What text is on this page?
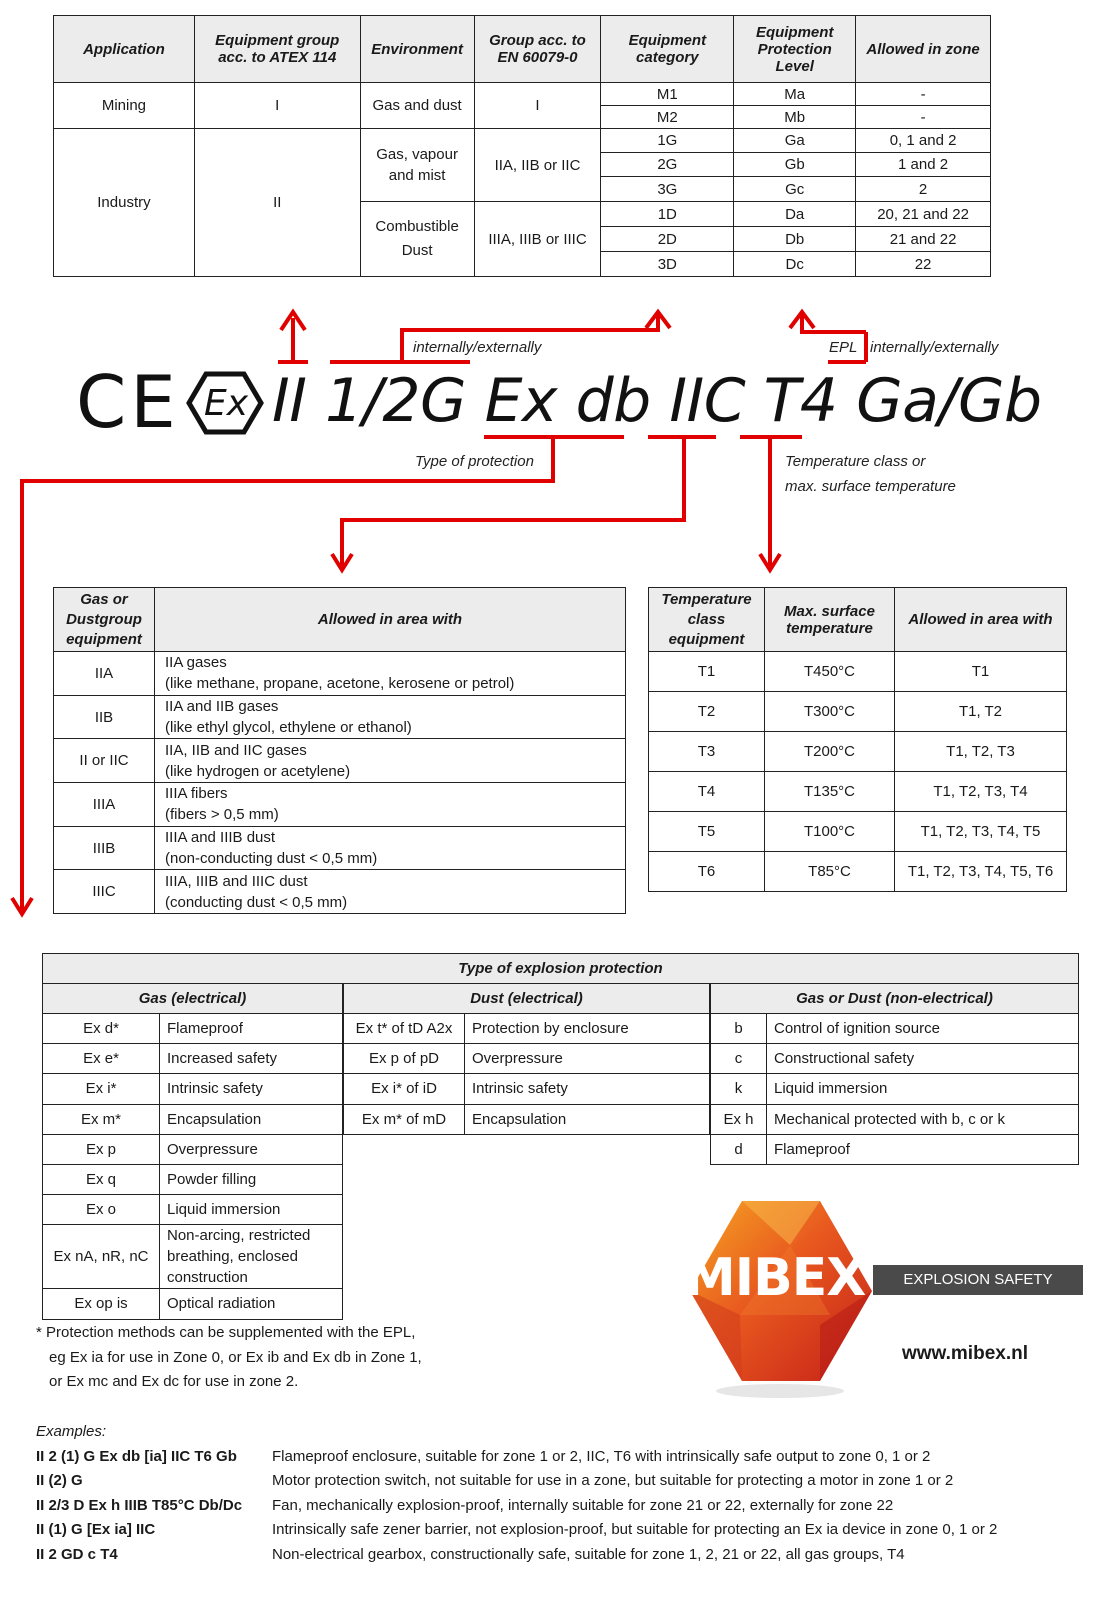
Application	Equipment group acc. to ATEX 114	Environment	Group acc. to EN 60079-0	Equipment category	Equipment Protection Level	Allowed in zone
Mining	I	Gas and dust	I	M1	Ma	-
				M2	Mb	-
Industry	II	Gas, vapour and mist	IIA, IIB or IIC	1G	Ga	0, 1 and 2
				2G	Gb	1 and 2
				3G	Gc	2
		Combustible Dust	IIIA, IIIB or IIIC	1D	Da	20, 21 and 22
				2D	Db	21 and 22
				3D	Dc	22
internally/externally	EPL internally/externally
Type of protection	Temperature class or
max. surface temperature
CE Ex II 1/2G Ex db IIC T4 Ga/Gb
Gas or Dustgroup equipment	Allowed in area with
IIA	IIA gases
(like methane, propane, acetone, kerosene or petrol)

IIB	IIA and IIB gases
(like ethyl glycol, ethylene or ethanol)

II or IIC	IIA, IIB and IIC gases
(like hydrogen or acetylene)

IIIA	IIIA fibers
(fibers > 0,5 mm)

IIIB	IIIA and IIIB dust
(non-conducting dust < 0,5 mm)

IIIC	IIIA, IIIB and IIIC dust
(conducting dust < 0,5 mm)
Temperature class equipment	Max. surface temperature	Allowed in area with
T1	T450°C	T1
T2	T300°C	T1, T2
T3	T200°C	T1, T2, T3
T4	T135°C	T1, T2, T3, T4
T5	T100°C	T1, T2, T3, T4, T5
T6	T85°C	T1, T2, T3, T4, T5, T6
Type of explosion protection
Gas (electrical)	
Ex d*	Flameproof
Ex e*	Increased safety
Ex i*	Intrinsic safety
Ex m*	Encapsulation
Ex p	Overpressure
Ex q	Powder filling
Ex o	Liquid immersion
Ex nA, nR, nC	Non-arcing, restricted breathing, enclosed construction
Ex op is	Optical radiation
Dust (electrical)	
Ex t* of tD A2x	Protection by enclosure
Ex p of pD	Overpressure
Ex i* of iD	Intrinsic safety
Ex m* of mD	Encapsulation
Gas or Dust (non-electrical)	
b	Control of ignition source
c	Constructional safety
k	Liquid immersion
Ex h	Mechanical protected with b, c or k
d	Flameproof
* Protection methods can be supplemented with the EPL,
eg Ex ia for use in Zone 0, or Ex ib and Ex db in Zone 1,
or Ex mc and Ex dc for use in zone 2.
MIBEX	EXPLOSION SAFETY EXPERT
www.mibex.nl
Examples:
II 2 (1) G Ex db [ia] IIC T6 Gb	Flameproof enclosure, suitable for zone 1 or 2, IIC, T6 with intrinsically safe output to zone 0, 1 or 2
II (2) G	Motor protection switch, not suitable for use in a zone, but suitable for protecting a motor in zone 1 or 2
II 2/3 D Ex h IIIB T85°C Db/Dc	Fan, mechanically explosion-proof, internally suitable for zone 21 or 22, externally for zone 22
II (1) G [Ex ia] IIC	Intrinsically safe zener barrier, not explosion-proof, but suitable for protecting an Ex ia device in zone 0, 1 or 2
II 2 GD c T4	Non-electrical gearbox, constructionally safe, suitable for zone 1, 2, 21 or 22, all gas groups, T4
